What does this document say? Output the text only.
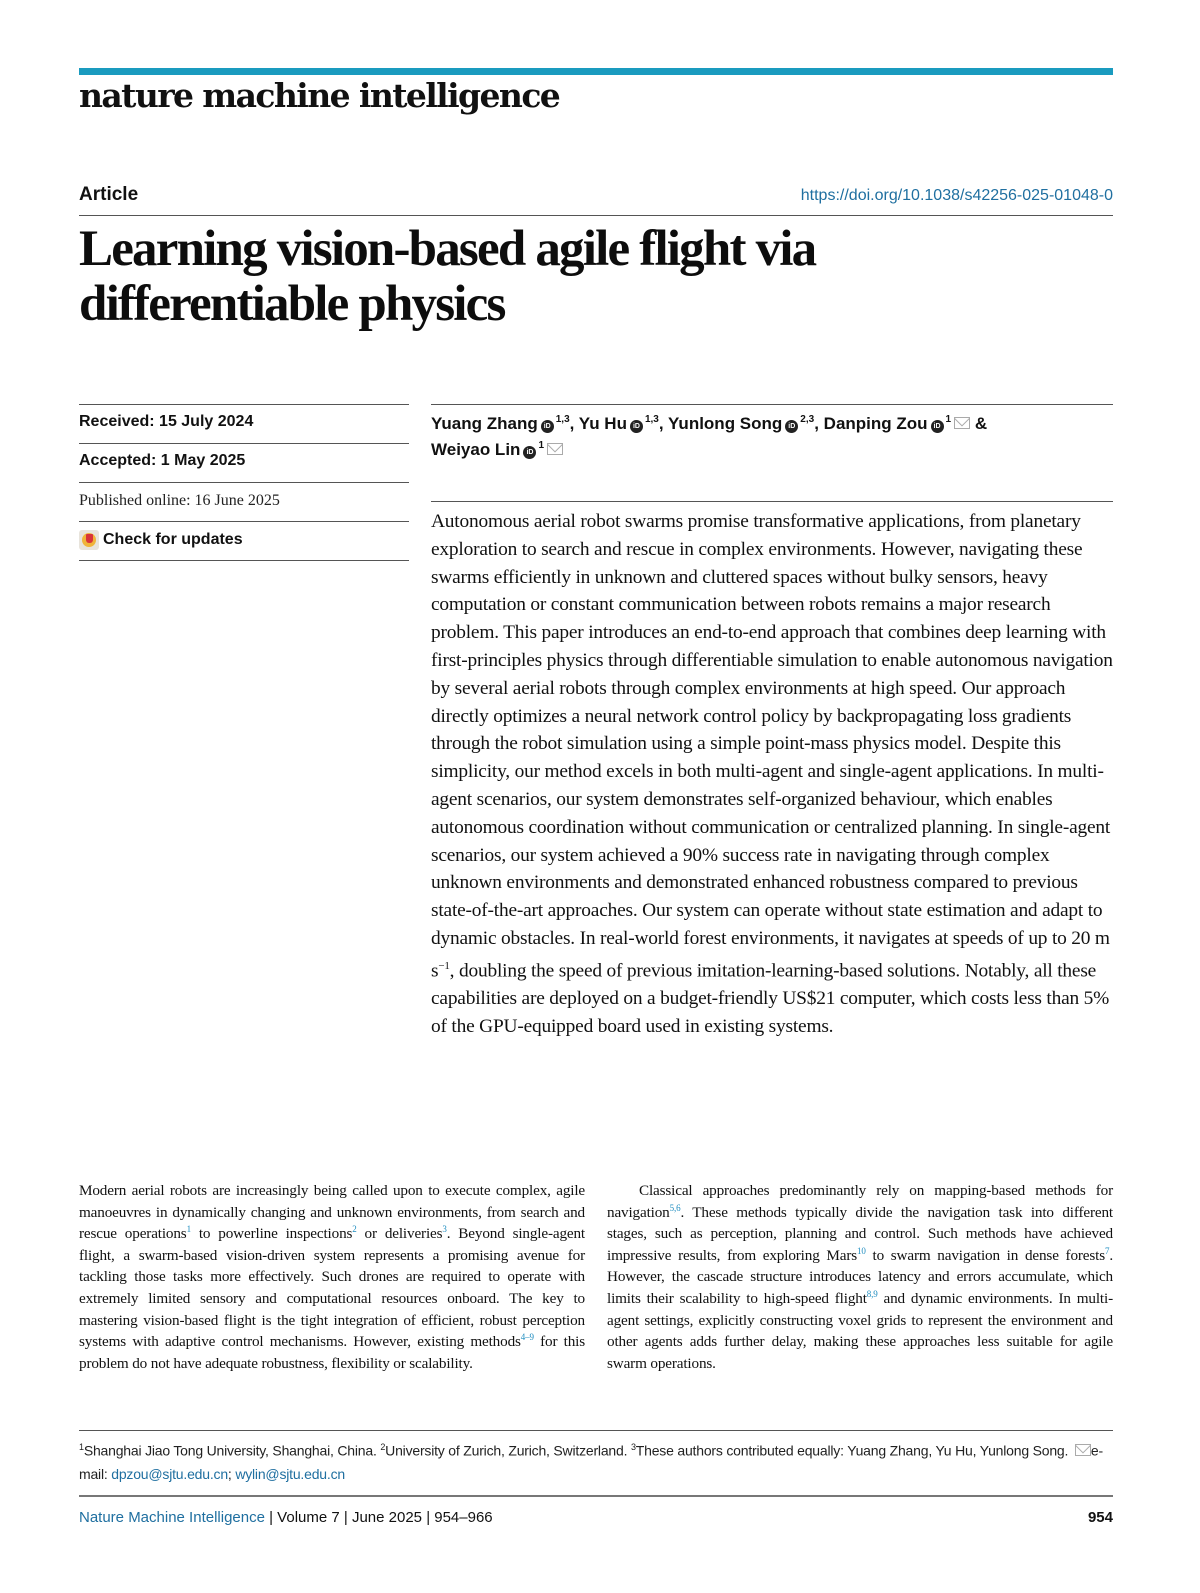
nature machine intelligence
Article	https://doi.org/10.1038/s42256-025-01048-0
Learning vision-based agile flight via
differentiable physics
Received: 15 July 2024
Accepted: 1 May 2025
Published online: 16 June 2025
Check for updates
Yuang Zhang iD$^{1,3}$, Yu Hu iD$^{1,3}$, Yunlong Song iD$^{2,3}$, Danping Zou $iD^1$ &
Weiyao Lin $iD^1$
Autonomous aerial robot swarms promise transformative applications, from planetary exploration to search and rescue in complex environments. However, navigating these swarms efficiently in unknown and cluttered spaces without bulky sensors, heavy computation or constant communication between robots remains a major research problem. This paper introduces an end-to-end approach that combines deep learning with first-principles physics through differentiable simulation to enable autonomous navigation by several aerial robots through complex environments at high speed. Our approach directly optimizes a neural network control policy by backpropagating loss gradients through the robot simulation using a simple point-mass physics model. Despite this simplicity, our method excels in both multi-agent and single-agent applications. In multi-agent scenarios, our system demonstrates self-organized behaviour, which enables autonomous coordination without communication or centralized planning. In single-agent scenarios, our system achieved a 90% success rate in navigating through complex unknown environments and demonstrated enhanced robustness compared to previous state-of-the-art approaches. Our system can operate without state estimation and adapt to dynamic obstacles. In real-world forest environments, it navigates at speeds of up to 20 m $s^{-1}$, doubling the speed of previous imitation-learning-based solutions. Notably, all these capabilities are deployed on a budget-friendly US$21 computer, which costs less than 5% of the GPU-equipped board used in existing systems.

Modern aerial robots are increasingly being called upon to execute complex, agile manoeuvres in dynamically changing and unknown environments, from search and rescue operations$^1$ to powerline inspections$^2$ or deliveries$^3$. Beyond single-agent flight, a swarm-based vision-driven system represents a promising avenue for tackling those tasks more effectively. Such drones are required to operate with extremely limited sensory and computational resources onboard. The key to mastering vision-based flight is the tight integration of efficient, robust perception systems with adaptive control mechanisms. However, existing methods$^{4-9}$ for this problem do not have adequate robustness, flexibility or scalability.

Classical approaches predominantly rely on mapping-based methods for navigation$^{5,6}$. These methods typically divide the navigation task into different stages, such as perception, planning and control. Such methods have achieved impressive results, from exploring Mars$^{10}$ to swarm navigation in dense forests$^7$. However, the cascade structure introduces latency and errors accumulate, which limits their scalability to high-speed flight$^{8,9}$ and dynamic environments. In multi-agent settings, explicitly constructing voxel grids to represent the environment and other agents adds further delay, making these approaches less suitable for agile swarm operations.

$^1$Shanghai Jiao Tong University, Shanghai, China. $^2$University of Zurich, Zurich, Switzerland. $^3$These authors contributed equally: Yuang Zhang, Yu Hu, Yunlong Song. e-mail: dpzou@sjtu.edu.cn; wylin@sjtu.edu.cn
Nature Machine Intelligence | Volume 7 | June 2025 | 954–966	954
